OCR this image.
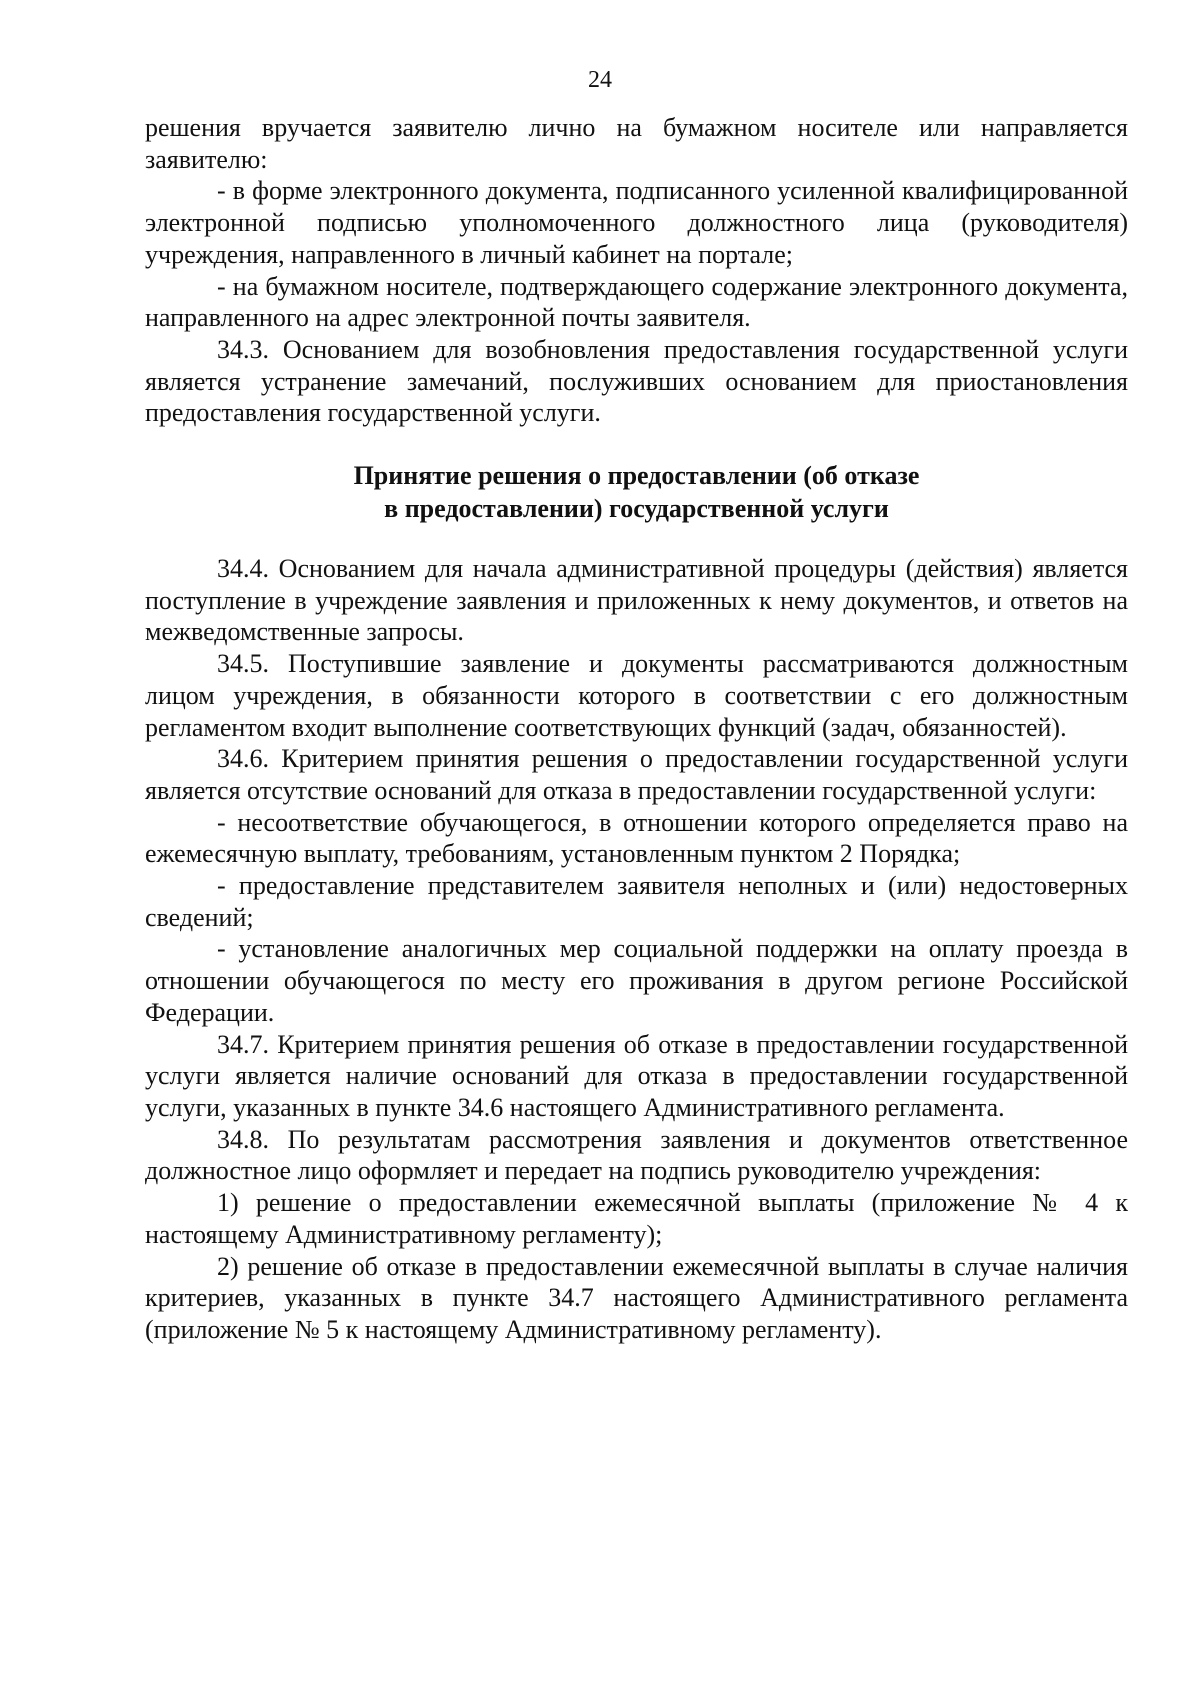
24

решения вручается заявителю лично на бумажном носителе или направляется заявителю:

- в форме электронного документа, подписанного усиленной квалифицированной электронной подписью уполномоченного должностного лица (руководителя) учреждения, направленного в личный кабинет на портале;

- на бумажном носителе, подтверждающего содержание электронного документа, направленного на адрес электронной почты заявителя.

34.3. Основанием для возобновления предоставления государственной услуги является устранение замечаний, послуживших основанием для приостановления предоставления государственной услуги.

Принятие решения о предоставлении (об отказе
в предоставлении) государственной услуги

34.4. Основанием для начала административной процедуры (действия) является поступление в учреждение заявления и приложенных к нему документов, и ответов на межведомственные запросы.

34.5. Поступившие заявление и документы рассматриваются должностным лицом учреждения, в обязанности которого в соответствии с его должностным регламентом входит выполнение соответствующих функций (задач, обязанностей).

34.6. Критерием принятия решения о предоставлении государственной услуги является отсутствие оснований для отказа в предоставлении государственной услуги:

- несоответствие обучающегося, в отношении которого определяется право на ежемесячную выплату, требованиям, установленным пунктом 2 Порядка;

- предоставление представителем заявителя неполных и (или) недостоверных сведений;

- установление аналогичных мер социальной поддержки на оплату проезда в отношении обучающегося по месту его проживания в другом регионе Российской Федерации.

34.7. Критерием принятия решения об отказе в предоставлении государственной услуги является наличие оснований для отказа в предоставлении государственной услуги, указанных в пункте 34.6 настоящего Административного регламента.

34.8. По результатам рассмотрения заявления и документов ответственное должностное лицо оформляет и передает на подпись руководителю учреждения:

1) решение о предоставлении ежемесячной выплаты (приложение № 4 к настоящему Административному регламенту);

2) решение об отказе в предоставлении ежемесячной выплаты в случае наличия критериев, указанных в пункте 34.7 настоящего Административного регламента (приложение № 5 к настоящему Административному регламенту).
